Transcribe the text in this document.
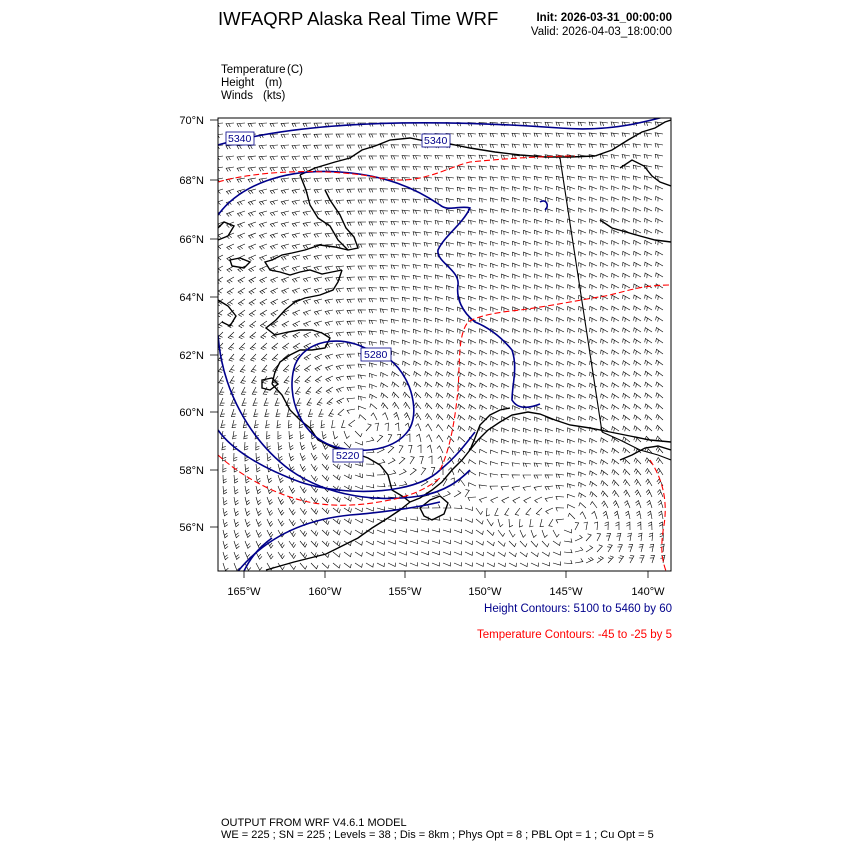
IWFAQRP Alaska Real Time WRF	Init: 2026-03-31_00:00:00
Valid: 2026-04-03_18:00:00
Temperature(C)
Height (m)
Winds (kts)
5340	5340
5280
5220
70°N
68°N
66°N
64°N
62°N
60°N
58°N
56°N
165°W	160°W	155°W	150°W	145°W	140°W
Height Contours: 5100 to 5460 by 60
Temperature Contours: -45 to -25 by 5
OUTPUT FROM WRF V4.6.1 MODEL
WE = 225 ; SN = 225 ; Levels = 38 ; Dis = 8km ; Phys Opt = 8 ; PBL Opt = 1 ; Cu Opt = 5
